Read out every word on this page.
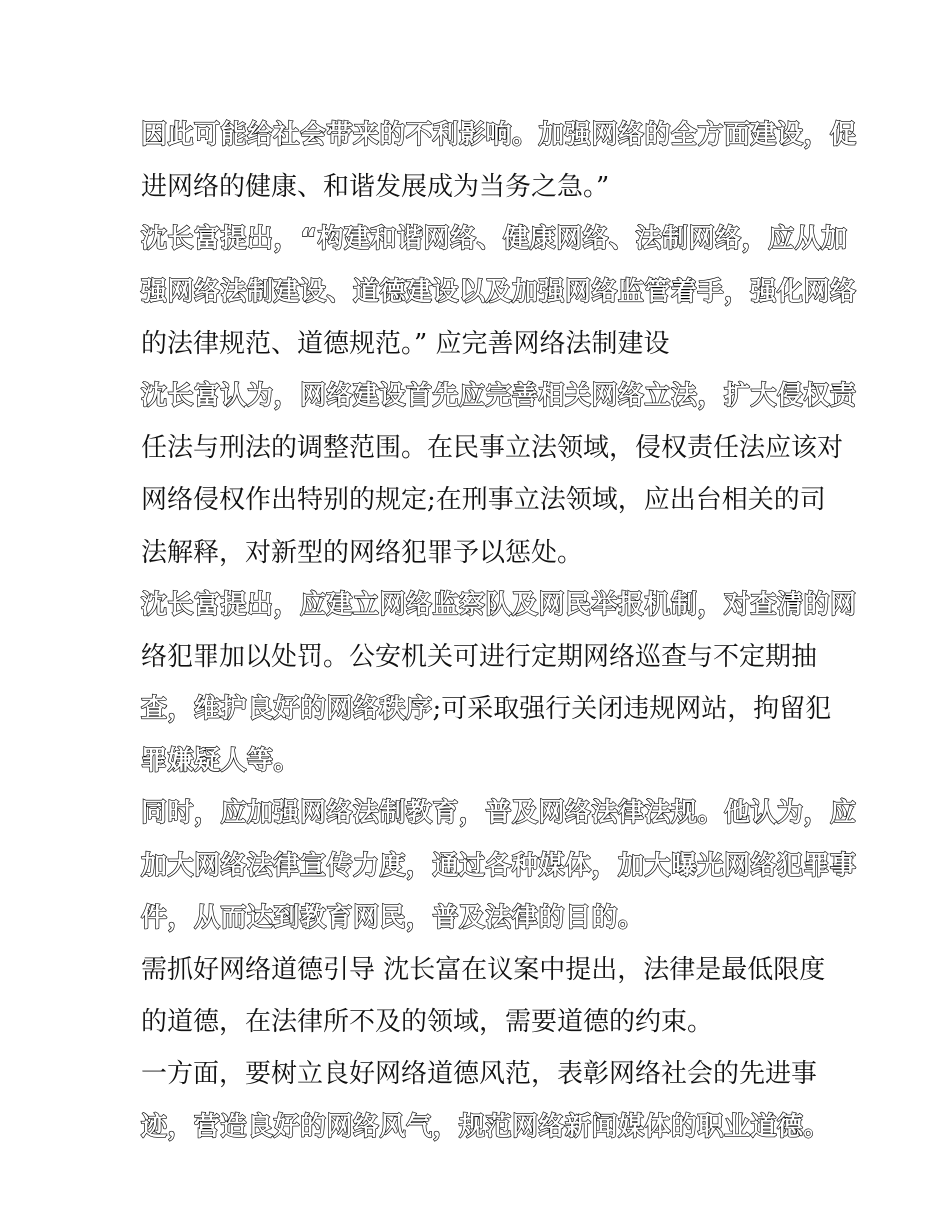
因此可能给社会带来的不利影响。加强网络的全方面建设，促
进网络的健康、和谐发展成为当务之急。”
沈长富提出，“构建和谐网络、健康网络、法制网络，应从加
强网络法制建设、道德建设以及加强网络监管着手，强化网络
的法律规范、道德规范。” 应完善网络法制建设
沈长富认为，网络建设首先应完善相关网络立法，扩大侵权责
任法与刑法的调整范围。在民事立法领域，侵权责任法应该对
网络侵权作出特别的规定;在刑事立法领域，应出台相关的司
法解释，对新型的网络犯罪予以惩处。
沈长富提出，应建立网络监察队及网民举报机制，对查清的网
络犯罪加以处罚。公安机关可进行定期网络巡查与不定期抽
查，维护良好的网络秩序;可采取强行关闭违规网站，拘留犯
罪嫌疑人等。
同时，应加强网络法制教育，普及网络法律法规。他认为，应
加大网络法律宣传力度，通过各种媒体，加大曝光网络犯罪事
件，从而达到教育网民，普及法律的目的。
需抓好网络道德引导 沈长富在议案中提出，法律是最低限度
的道德，在法律所不及的领域，需要道德的约束。
一方面，要树立良好网络道德风范，表彰网络社会的先进事
迹，营造良好的网络风气，规范网络新闻媒体的职业道德。
